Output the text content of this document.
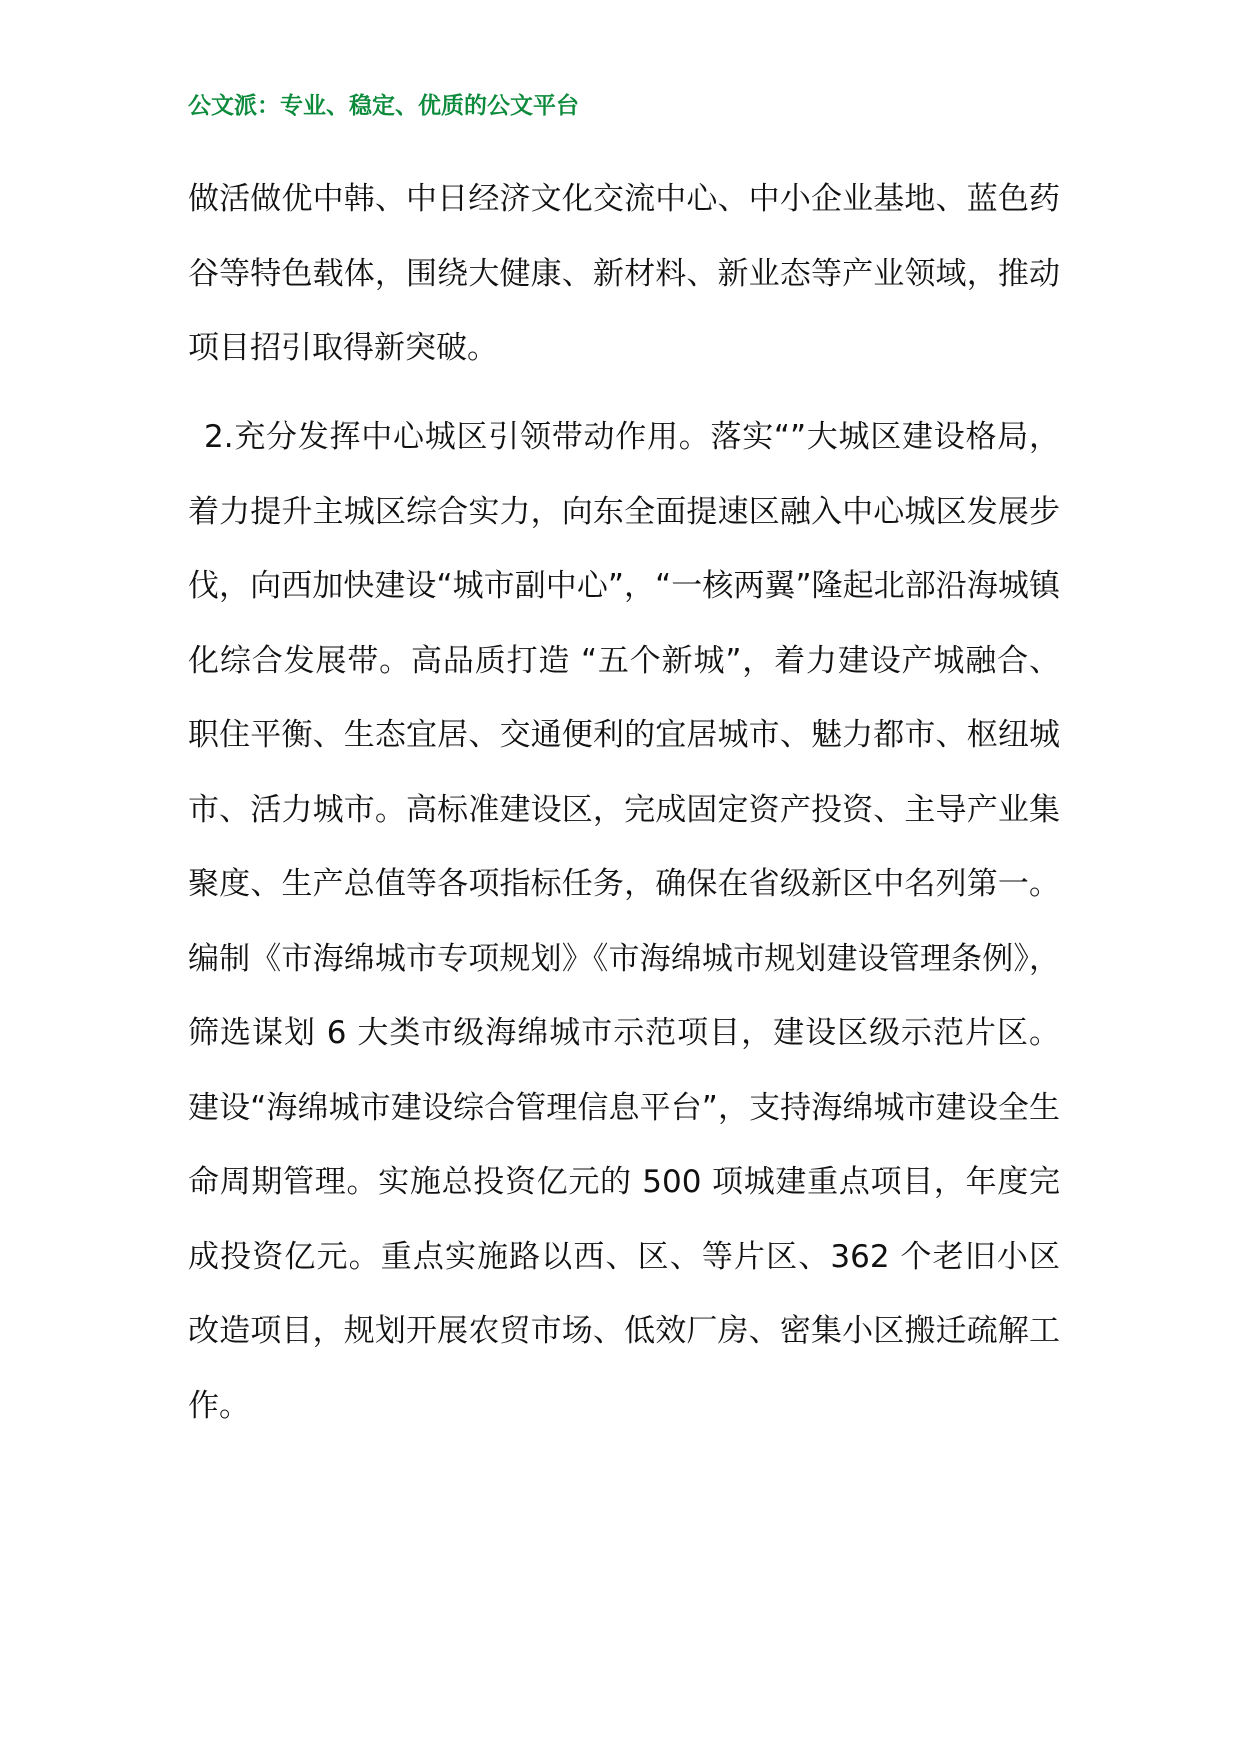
公文派：专业、稳定、优质的公文平台

做活做优中韩、中日经济文化交流中心、中小企业基地、蓝色药谷等特色载体，围绕大健康、新材料、新业态等产业领域，推动项目招引取得新突破。

2.充分发挥中心城区引领带动作用。落实“”大城区建设格局，着力提升主城区综合实力，向东全面提速区融入中心城区发展步伐，向西加快建设“城市副中心”，“一核两翼”隆起北部沿海城镇化综合发展带。高品质打造 “五个新城”，着力建设产城融合、职住平衡、生态宜居、交通便利的宜居城市、魅力都市、枢纽城市、活力城市。高标准建设区，完成固定资产投资、主导产业集聚度、生产总值等各项指标任务，确保在省级新区中名列第一。编制《市海绵城市专项规划》《市海绵城市规划建设管理条例》，筛选谋划 6 大类市级海绵城市示范项目，建设区级示范片区。建设“海绵城市建设综合管理信息平台”，支持海绵城市建设全生命周期管理。实施总投资亿元的 500 项城建重点项目，年度完成投资亿元。重点实施路以西、区、等片区、362 个老旧小区改造项目，规划开展农贸市场、低效厂房、密集小区搬迁疏解工作。
